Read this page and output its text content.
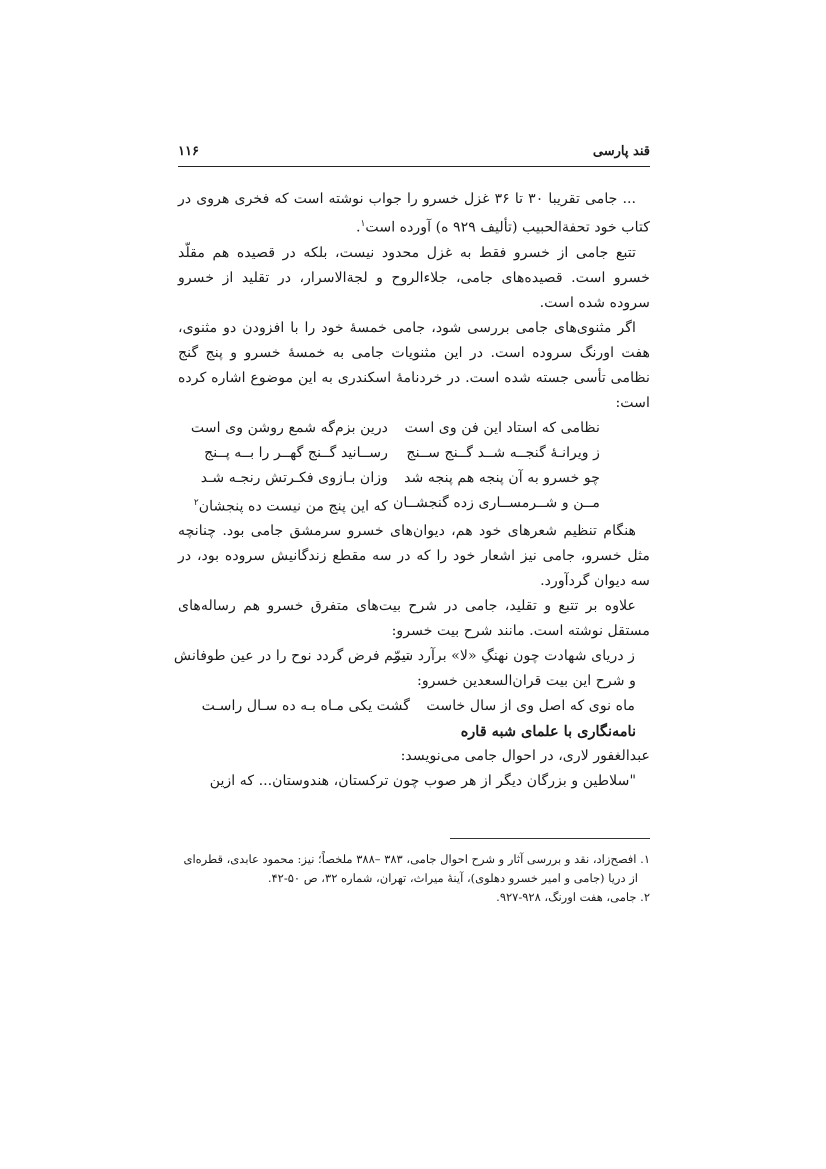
قند پارسی
۱۱۶

... جامی تقریبا ۳۰ تا ۳۶ غزل خسرو را جواب نوشته است که فخری هروی در کتاب خود تحفةالحبیب (تألیف ۹۲۹ ه) آورده است$^۱$.

تتبع جامی از خسرو فقط به غزل محدود نیست، بلکه در قصیده هم مقلّد خسرو است. قصیده‌های جامی، جلاءالروح و لجةالاسرار، در تقلید از خسرو سروده شده است.

اگر مثنوی‌های جامی بررسی شود، جامی خمسهٔ خود را با افزودن دو مثنوی، هفت اورنگ سروده است. در این مثنویات جامی به خمسهٔ خسرو و پنج گنج نظامی تأسی جسته شده است. در خردنامهٔ اسکندری به این موضوع اشاره کرده است:

نظامی که استاد این فن وی است
درین بزم‌گه شمع روشن وی است
ز ویرانـهٔ گنجــه شــد گــنج ســنج
رســانید گــنج گهــر را بــه پــنج
چو خسرو به آن پنجه هم پنجه شد
وزان بـازوی فکـرتش رنجـه شـد
مــن و شــرمســاری زده گنجشــان
که این پنج من نیست ده پنجشان$^۲$

هنگام تنظیم شعرهای خود هم، دیوان‌های خسرو سرمشق جامی بود. چنانچه مثل خسرو، جامی نیز اشعار خود را که در سه مقطع زندگانیش سروده بود، در سه دیوان گردآورد.

علاوه بر تتبع و تقلید، جامی در شرح بیت‌های متفرق خسرو هم رساله‌های مستقل نوشته است. مانند شرح بیت خسرو:

ز دریای شهادت چون نهنگِ «لا» برآرد سر
تیمّم فرض گردد نوح را در عین طوفانش

و شرح این بیت قران‌السعدین خسرو:

ماه نوی که اصل وی از سال خاست
گشت یکی مـاه بـه ده سـال راسـت

نامه‌نگاری با علمای شبه قاره

عبدالغفور لاری، در احوال جامی می‌نویسد:

"سلاطین و بزرگان دیگر از هر صوب چون ترکستان، هندوستان... که ازین

۱. افصح‌زاد، نقد و بررسی آثار و شرح احوال جامی، ۳۸۳ –۳۸۸ ملخصاً؛ نیز: محمود عابدی، قطره‌ای

از دریا (جامی و امیر خسرو دهلوی)، آینهٔ میراث، تهران، شماره ۳۲، ص ۵۰-۴۲.

۲. جامی، هفت اورنگ، ۹۲۸-۹۲۷.
